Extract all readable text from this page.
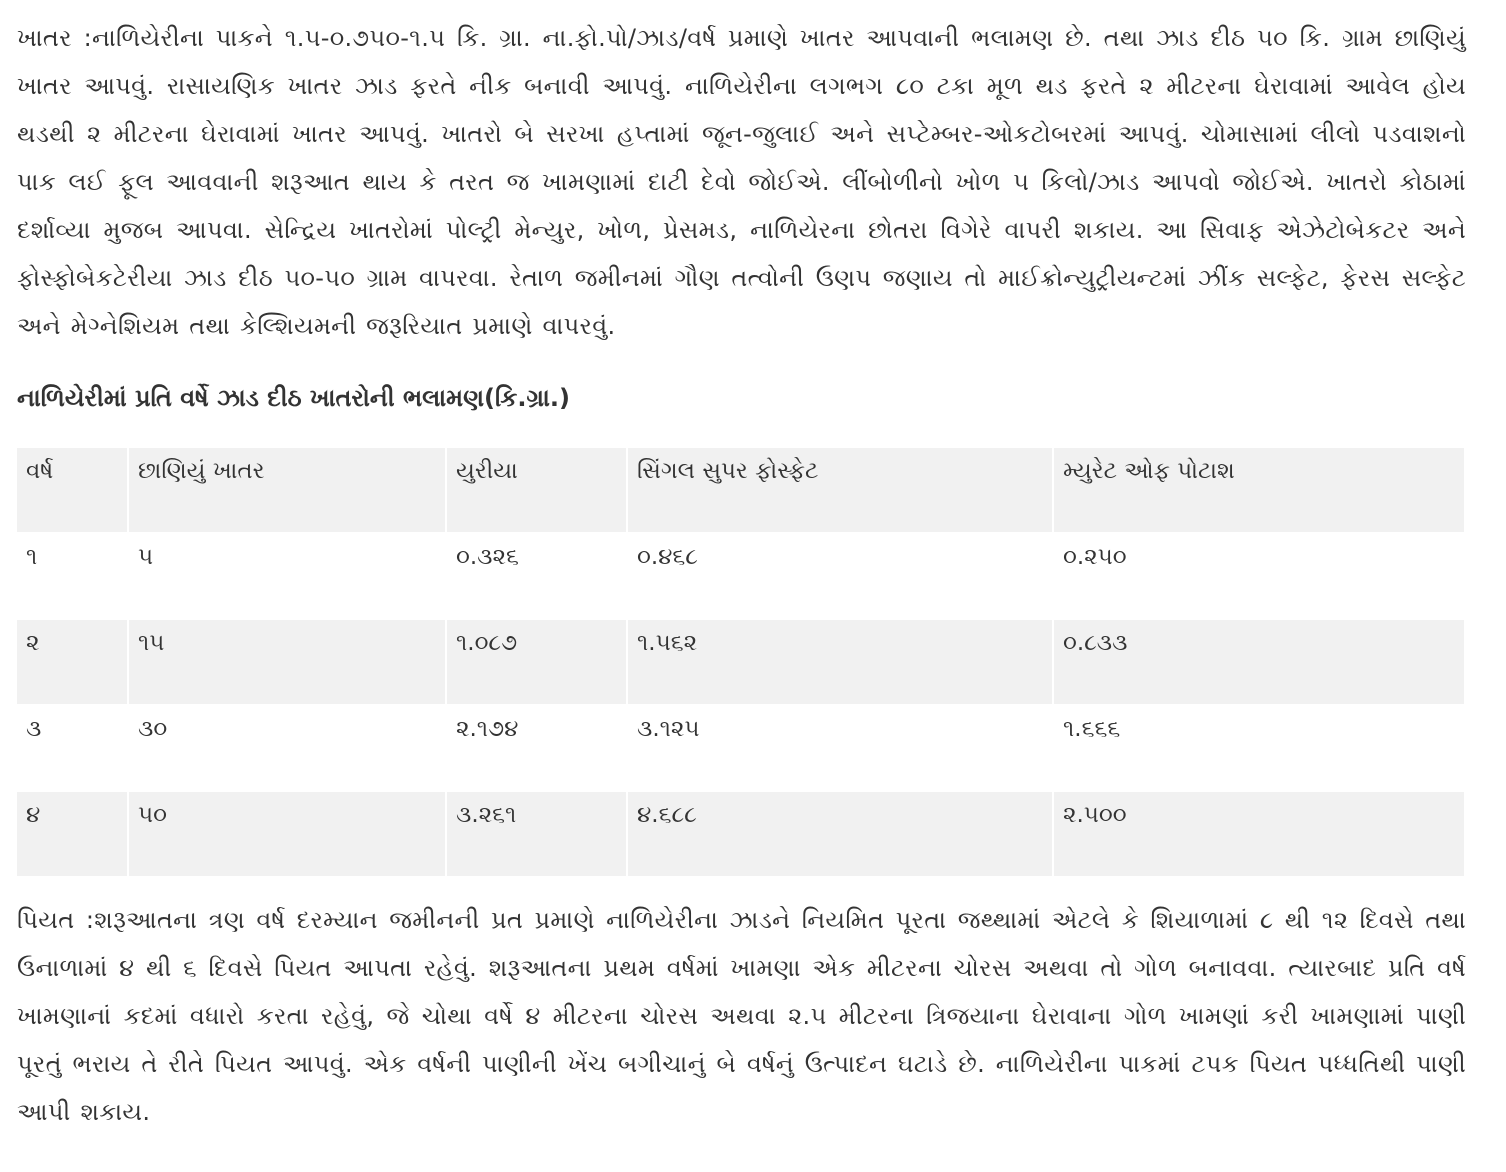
ખાતર :નાળિયેરીના પાકને ૧.૫-૦.૭૫૦-૧.૫ કિ. ગ્રા. ના.ફો.પો/ઝાડ/વર્ષ પ્રમાણે ખાતર આપવાની ભલામણ છે. તથા ઝાડ દીઠ ૫૦ કિ. ગ્રામ છાણિયું ખાતર આપવું. રાસાયણિક ખાતર ઝાડ ફરતે નીક બનાવી આપવું. નાળિયેરીના લગભગ ૮૦ ટકા મૂળ થડ ફરતે ૨ મીટરના ઘેરાવામાં આવેલ હોય થડથી ૨ મીટરના ઘેરાવામાં ખાતર આપવું. ખાતરો બે સરખા હપ્તામાં જૂન-જુલાઈ અને સપ્ટેમ્બર-ઓકટોબરમાં આપવું. ચોમાસામાં લીલો પડવાશનો પાક લઈ ફૂલ આવવાની શરૂઆત થાય કે તરત જ ખામણામાં દાટી દેવો જોઈએ. લીંબોળીનો ખોળ ૫ કિલો/ઝાડ આપવો જોઈએ. ખાતરો કોઠામાં દર્શાવ્યા મુજબ આપવા. સેન્દ્રિય ખાતરોમાં પોલ્ટ્રી મેન્યુર, ખોળ, પ્રેસમડ, નાળિયેરના છોતરા વિગેરે વાપરી શકાય. આ સિવાફ એઝેટોબેકટર અને ફોસ્ફોબેકટેરીયા ઝાડ દીઠ ૫૦-૫૦ ગ્રામ વાપરવા. રેતાળ જમીનમાં ગૌણ તત્વોની ઉણપ જણાય તો માઈક્રોન્યુટ્રીયન્ટમાં ઝીંક સલ્ફેટ, ફેરસ સલ્ફેટ અને મેગ્નેશિયમ તથા કેલ્શિયમની જરૂરિયાત પ્રમાણે વાપરવું.

નાળિયેરીમાં પ્રતિ વર્ષે ઝાડ દીઠ ખાતરોની ભલામણ(કિ.ગ્રા.)
વર્ષ	છાણિયું ખાતર	યુરીયા	સિંગલ સુપર ફોસ્ફેટ	મ્યુરેટ ઓફ પોટાશ
૧	૫	૦.૩૨૬	૦.૪૬૮	૦.૨૫૦
૨	૧૫	૧.૦૮૭	૧.૫૬૨	૦.૮૩૩
૩	૩૦	૨.૧૭૪	૩.૧૨૫	૧.૬૬૬
૪	૫૦	૩.૨૬૧	૪.૬૮૮	૨.૫૦૦

પિયત :શરૂઆતના ત્રણ વર્ષ દરમ્યાન જમીનની પ્રત પ્રમાણે નાળિયેરીના ઝાડને નિયમિત પૂરતા જથ્થામાં એટલે કે શિયાળામાં ૮ થી ૧૨ દિવસે તથા ઉનાળામાં ૪ થી ૬ દિવસે પિયત આપતા રહેવું. શરૂઆતના પ્રથમ વર્ષમાં ખામણા એક મીટરના ચોરસ અથવા તો ગોળ બનાવવા. ત્યારબાદ પ્રતિ વર્ષ ખામણાનાં કદમાં વધારો કરતા રહેવું, જે ચોથા વર્ષે ૪ મીટરના ચોરસ અથવા ૨.૫ મીટરના ત્રિજયાના ઘેરાવાના ગોળ ખામણાં કરી ખામણામાં પાણી પૂરતું ભરાય તે રીતે પિયત આપવું. એક વર્ષની પાણીની ખેંચ બગીચાનું બે વર્ષનું ઉત્પાદન ઘટાડે છે. નાળિયેરીના પાકમાં ટપક પિયત પધ્ધતિથી પાણી આપી શકાય.
